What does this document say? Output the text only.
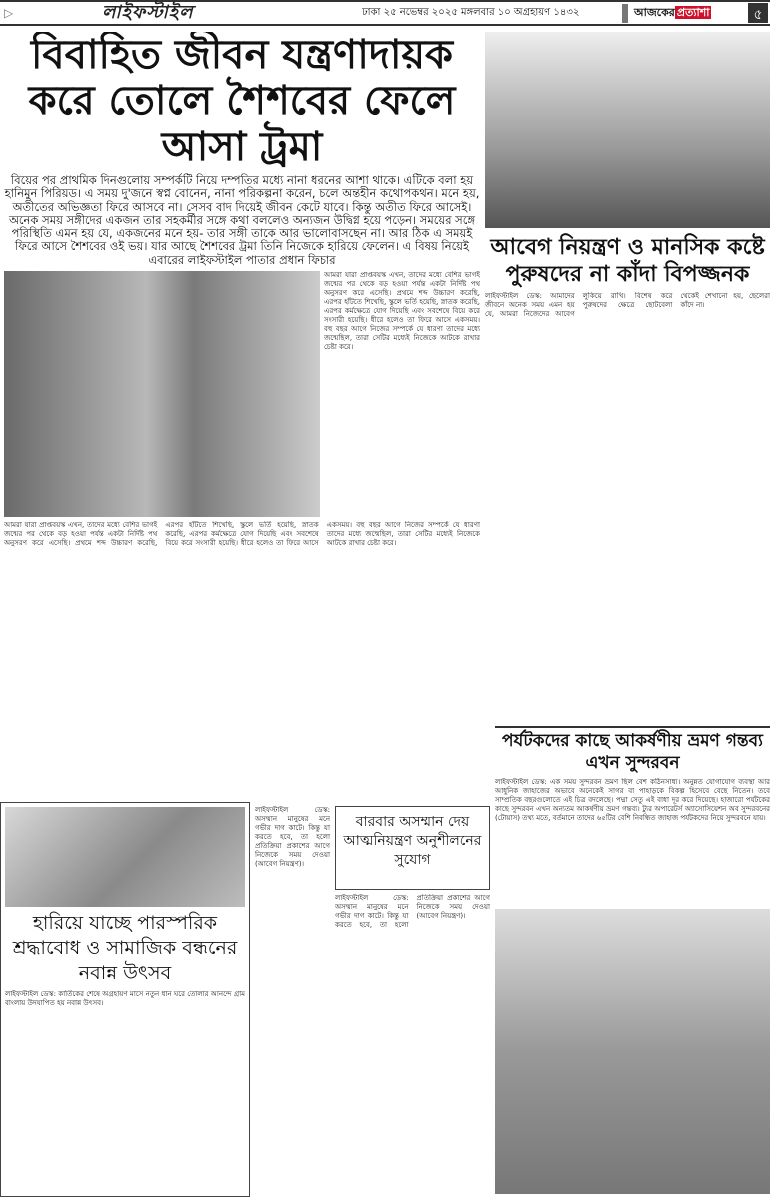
▷	লাইফস্টাইল	ঢাকা ২৫ নভেম্বর ২০২৫ মঙ্গলবার ১০ অগ্রহায়ণ ১৪৩২	আজকের প্রত্যাশা	৫
বিবাহিত জীবন যন্ত্রণাদায়ক করে তোলে শৈশবের ফেলে আসা ট্রমা
বিয়ের পর প্রাথমিক দিনগুলোয় সম্পর্কটি নিয়ে দম্পতির মধ্যে নানা ধরনের আশা থাকে। এটিকে বলা হয় হানিমুন পিরিয়ড। এ সময় দু'জনে স্বপ্ন বোনেন, নানা পরিকল্পনা করেন, চলে অন্তহীন কথোপকথন। মনে হয়, অতীতের অভিজ্ঞতা ফিরে আসবে না। সেসব বাদ দিয়েই জীবন কেটে যাবে। কিন্তু অতীত ফিরে আসেই। অনেক সময় সঙ্গীদের একজন তার সহকর্মীর সঙ্গে কথা বললেও অন্যজন উদ্বিগ্ন হয়ে পড়েন। সময়ের সঙ্গে পরিস্থিতি এমন হয় যে, একজনের মনে হয়- তার সঙ্গী তাকে আর ভালোবাসছেন না। আর ঠিক এ সময়ই ফিরে আসে শৈশবের ওই ভয়। যার আছে শৈশবের ট্রমা তিনি নিজেকে হারিয়ে ফেলেন। এ বিষয় নিয়েই এবারের লাইফস্টাইল পাতার প্রধান ফিচার
আমরা যারা প্রাপ্তবয়স্ক এখন, তাদের মধ্যে বেশির ভাগই জন্মের পর থেকে বড় হওয়া পর্যন্ত একটা নির্দিষ্ট পথ অনুসরণ করে এসেছি। প্রথমে শব্দ উচ্চারণ করেছি, এরপর হাঁটতে শিখেছি, স্কুলে ভর্তি হয়েছি, স্নাতক করেছি, এরপর কর্মক্ষেত্রে যোগ দিয়েছি এবং সবশেষে বিয়ে করে সংসারী হয়েছি। ধীরে হলেও তা ফিরে আসে একসময়। বহু বছর আগে নিজের সম্পর্কে যে ধারণা তাদের মধ্যে জন্মেছিল, তারা সেটির মধ্যেই নিজেকে আটকে রাখার চেষ্টা করে।
আমরা যারা প্রাপ্তবয়স্ক এখন, তাদের মধ্যে বেশির ভাগই জন্মের পর থেকে বড় হওয়া পর্যন্ত একটা নির্দিষ্ট পথ অনুসরণ করে এসেছি। প্রথমে শব্দ উচ্চারণ করেছি, এরপর হাঁটতে শিখেছি, স্কুলে ভর্তি হয়েছি, স্নাতক করেছি, এরপর কর্মক্ষেত্রে যোগ দিয়েছি এবং সবশেষে বিয়ে করে সংসারী হয়েছি। ধীরে হলেও তা ফিরে আসে একসময়। বহু বছর আগে নিজের সম্পর্কে যে ধারণা তাদের মধ্যে জন্মেছিল, তারা সেটির মধ্যেই নিজেকে আটকে রাখার চেষ্টা করে।
আবেগ নিয়ন্ত্রণ ও মানসিক কষ্টে পুরুষদের না কাঁদা বিপজ্জনক
লাইফস্টাইল ডেস্ক: আমাদের জীবনে অনেক সময় এমন হয় যে, আমরা নিজেদের আবেগ লুকিয়ে রাখি। বিশেষ করে পুরুষদের ক্ষেত্রে ছোটবেলা থেকেই শেখানো হয়, ছেলেরা কাঁদে না।
পর্যটকদের কাছে আকর্ষণীয় ভ্রমণ গন্তব্য এখন সুন্দরবন
লাইফস্টাইল ডেস্ক: এক সময় সুন্দরবন ভ্রমণ ছিল বেশ কঠিনসাধ্য। অনুন্নত যোগাযোগ ব্যবস্থা আর আধুনিক জাহাজের অভাবে অনেকেই সাগর বা পাহাড়কে বিকল্প হিসেবে বেছে নিতেন। তবে সাম্প্রতিক বছরগুলোতে এই চিত্র বদলেছে। পদ্মা সেতু এই বাধা দূর করে দিয়েছে। হাজারো পর্যটকের কাছে সুন্দরবন এখন অন্যতম আকর্ষণীয় ভ্রমণ গন্তব্য। ট্যুর অপারেটর্স অ্যাসোসিয়েশন অব সুন্দরবনের (টোয়াস) তথ্য মতে, বর্তমানে তাদের ৬৫টির বেশি নিবন্ধিত জাহাজ পর্যটকদের নিয়ে সুন্দরবনে যায়।
হারিয়ে যাচ্ছে পারস্পরিক শ্রদ্ধাবোধ ও সামাজিক বন্ধনের নবান্ন উৎসব
লাইফস্টাইল ডেস্ক: কার্তিকের শেষে অগ্রহায়ণ মাসে নতুন ধান ঘরে তোলার আনন্দে গ্রাম বাংলায় উদযাপিত হয় নবান্ন উৎসব।
লাইফস্টাইল ডেস্ক: অসম্মান মানুষের মনে গভীর দাগ কাটে। কিন্তু যা করতে হবে, তা হলো প্রতিক্রিয়া প্রকাশের আগে নিজেকে সময় দেওয়া (আবেগ নিয়ন্ত্রণ)।
বারবার অসম্মান দেয় আত্মনিয়ন্ত্রণ অনুশীলনের সুযোগ
লাইফস্টাইল ডেস্ক: অসম্মান মানুষের মনে গভীর দাগ কাটে। কিন্তু যা করতে হবে, তা হলো প্রতিক্রিয়া প্রকাশের আগে নিজেকে সময় দেওয়া (আবেগ নিয়ন্ত্রণ)।
